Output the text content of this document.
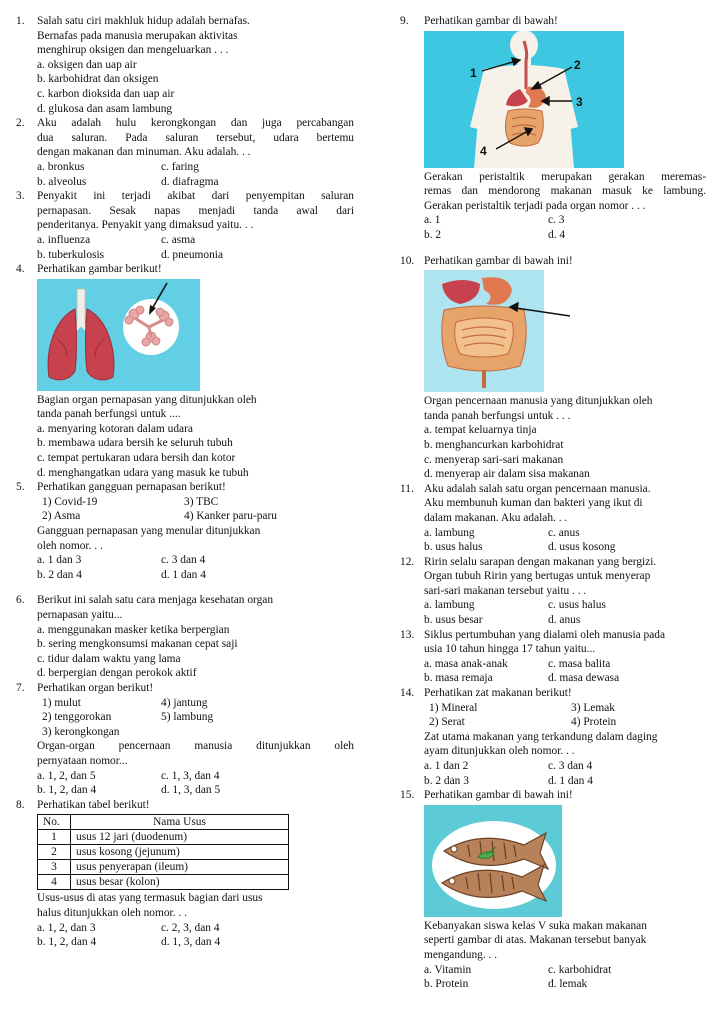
1. Salah satu ciri makhluk hidup adalah bernafas.
Bernafas pada manusia merupakan aktivitas
menghirup oksigen dan mengeluarkan . . .
a. oksigen dan uap air
b. karbohidrat dan oksigen
c. karbon dioksida dan uap air
d. glukosa dan asam lambung
2. Aku adalah hulu kerongkongan dan juga percabangan
dua saluran. Pada saluran tersebut, udara bertemu
dengan makanan dan minuman. Aku adalah. . .
a. bronkus	c. faring
b. alveolus	d. diafragma
3. Penyakit ini terjadi akibat dari penyempitan saluran
pernapasan. Sesak napas menjadi tanda awal dari
penderitanya. Penyakit yang dimaksud yaitu. . .
a. influenza	c. asma
b. tuberkulosis	d. pneumonia
4. Perhatikan gambar berikut!
Bagian organ pernapasan yang ditunjukkan oleh
tanda panah berfungsi untuk ....
a. menyaring kotoran dalam udara
b. membawa udara bersih ke seluruh tubuh
c. tempat pertukaran udara bersih dan kotor
d. menghangatkan udara yang masuk ke tubuh
5. Perhatikan gangguan pernapasan berikut!
1) Covid-19	3) TBC
2) Asma	4) Kanker paru-paru
Gangguan pernapasan yang menular ditunjukkan
oleh nomor. . .
a. 1 dan 3	c. 3 dan 4
b. 2 dan 4	d. 1 dan 4
6. Berikut ini salah satu cara menjaga kesehatan organ
pernapasan yaitu...
a. menggunakan masker ketika berpergian
b. sering mengkonsumsi makanan cepat saji
c. tidur dalam waktu yang lama
d. berpergian dengan perokok aktif
7. Perhatikan organ berikut!
1) mulut	4) jantung
2) tenggorokan	5) lambung
3) kerongkongan
Organ-organ pencernaan manusia ditunjukkan oleh
pernyataan nomor...
a. 1, 2, dan 5	c. 1, 3, dan 4
b. 1, 2, dan 4	d. 1, 3, dan 5
8. Perhatikan tabel berikut!
No.	Nama Usus
1	usus 12 jari (duodenum)
2	usus kosong (jejunum)
3	usus penyerapan (ileum)
4	usus besar (kolon)
Usus-usus di atas yang termasuk bagian dari usus
halus ditunjukkan oleh nomor. . .
a. 1, 2, dan 3	c. 2, 3, dan 4
b. 1, 2, dan 4	d. 1, 3, dan 4
9. Perhatikan gambar di bawah!
1
2
3
4
Gerakan peristaltik merupakan gerakan meremas-
remas dan mendorong makanan masuk ke lambung.
Gerakan peristaltik terjadi pada organ nomor . . .
a. 1	c. 3
b. 2	d. 4
10. Perhatikan gambar di bawah ini!
Organ pencernaan manusia yang ditunjukkan oleh
tanda panah berfungsi untuk . . .
a. tempat keluarnya tinja
b. menghancurkan karbohidrat
c. menyerap sari-sari makanan
d. menyerap air dalam sisa makanan
11. Aku adalah salah satu organ pencernaan manusia.
Aku membunuh kuman dan bakteri yang ikut di
dalam makanan. Aku adalah. . .
a. lambung	c. anus
b. usus halus	d. usus kosong
12. Ririn selalu sarapan dengan makanan yang bergizi.
Organ tubuh Ririn yang bertugas untuk menyerap
sari-sari makanan tersebut yaitu . . .
a. lambung	c. usus halus
b. usus besar	d. anus
13. Siklus pertumbuhan yang dialami oleh manusia pada
usia 10 tahun hingga 17 tahun yaitu...
a. masa anak-anak	c. masa balita
b. masa remaja	d. masa dewasa
14. Perhatikan zat makanan berikut!
1) Mineral	3) Lemak
2) Serat	4) Protein
Zat utama makanan yang terkandung dalam daging
ayam ditunjukkan oleh nomor. . .
a. 1 dan 2	c. 3 dan 4
b. 2 dan 3	d. 1 dan 4
15. Perhatikan gambar di bawah ini!
Kebanyakan siswa kelas V suka makan makanan
seperti gambar di atas. Makanan tersebut banyak
mengandung. . .
a. Vitamin	c. karbohidrat
b. Protein	d. lemak
